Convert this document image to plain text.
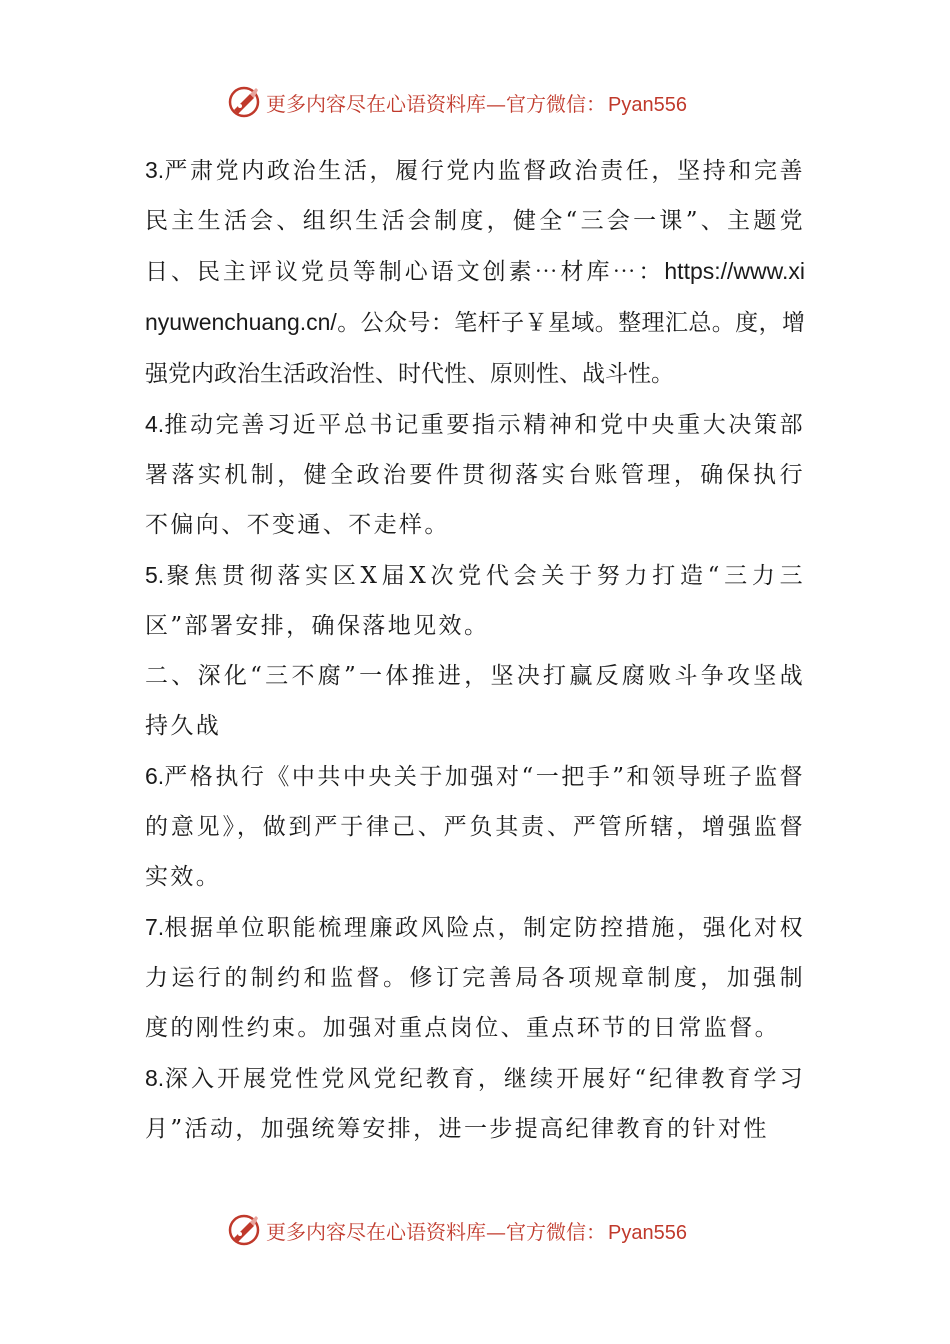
更多内容尽在心语资料库—官方微信： Pyan556

3.严肃党内政治生活，履行党内监督政治责任，坚持和完善民主生活会、组织生活会制度，健全“三会一课”、主题党日、民主评议党员等制心语文创素⋯材库⋯：https://www.xinyuwenchuang.cn/。公众号：笔杆子￥星域。整理汇总。度，增强党内政治生活政治性、时代性、原则性、战斗性。

4.推动完善习近平总书记重要指示精神和党中央重大决策部署落实机制，健全政治要件贯彻落实台账管理，确保执行不偏向、不变通、不走样。

5.聚焦贯彻落实区X届X次党代会关于努力打造“三力三区”部署安排，确保落地见效。

二、深化“三不腐”一体推进，坚决打赢反腐败斗争攻坚战持久战

6.严格执行《中共中央关于加强对“一把手”和领导班子监督的意见》，做到严于律己、严负其责、严管所辖，增强监督实效。

7.根据单位职能梳理廉政风险点，制定防控措施，强化对权力运行的制约和监督。修订完善局各项规章制度，加强制度的刚性约束。加强对重点岗位、重点环节的日常监督。

8.深入开展党性党风党纪教育，继续开展好“纪律教育学习月”活动，加强统筹安排，进一步提高纪律教育的针对性

更多内容尽在心语资料库—官方微信： Pyan556
